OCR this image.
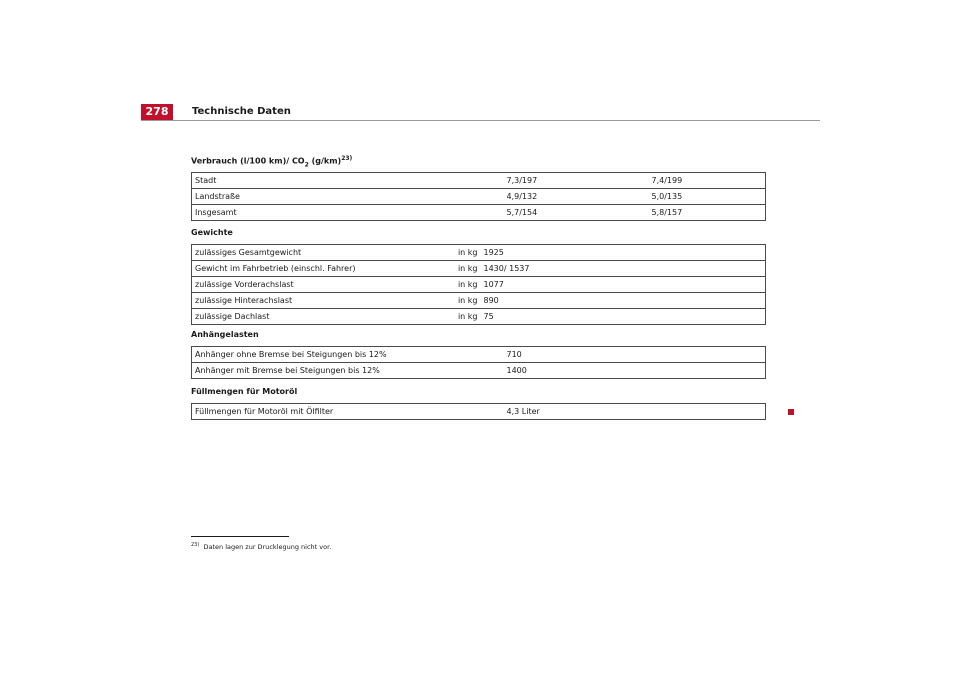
278	Technische Daten
Verbrauch (l/100 km)/ $CO_2$ $(g/km)^{23)}$
Stadt	7,3/197	7,4/199
Landstraße	4,9/132	5,0/135
Insgesamt	5,7/154	5,8/157
Gewichte
zulässiges Gesamtgewicht	in kg	1925
Gewicht im Fahrbetrieb (einschl. Fahrer)	in kg	1430/ 1537
zulässige Vorderachslast	in kg	1077
zulässige Hinterachslast	in kg	890
zulässige Dachlast	in kg	75
Anhängelasten
Anhänger ohne Bremse bei Steigungen bis 12%	710
Anhänger mit Bremse bei Steigungen bis 12%	1400
Füllmengen für Motoröl
Füllmengen für Motoröl mit Ölfilter	4,3 Liter
$^{23)}$ Daten lagen zur Drucklegung nicht vor.
